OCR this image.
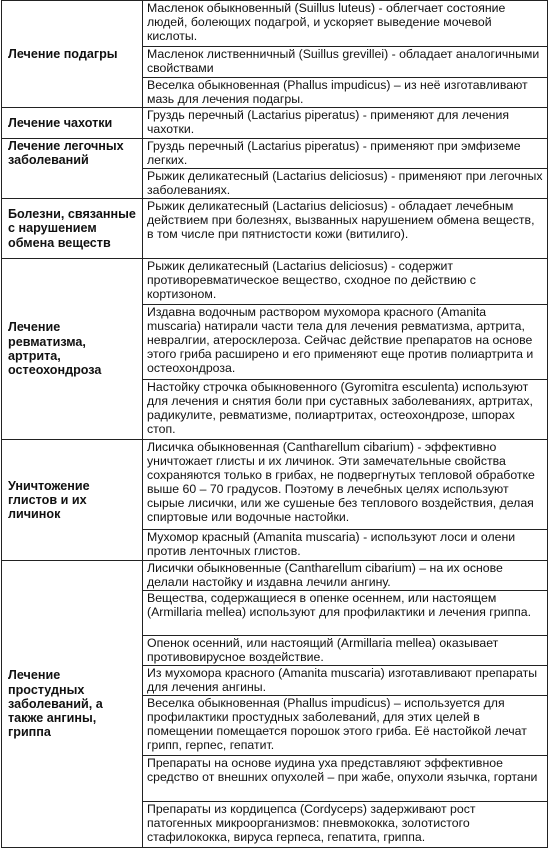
Лечение подагры	Масленок обыкновенный (Suillus luteus) - облегчает состояние людей, болеющих подагрой, и ускоряет выведение мочевой кислоты.
	Масленок лиственничный (Suillus grevillei) - обладает аналогичными свойствами
	Веселка обыкновенная (Phallus impudicus) – из неё изготавливают мазь для лечения подагры.
Лечение чахотки	Груздь перечный (Lactarius piperatus) - применяют для лечения чахотки.
Лечение легочных заболеваний	Груздь перечный (Lactarius piperatus) - применяют при эмфиземе легких.
	Рыжик деликатесный (Lactarius deliciosus) - применяют при легочных заболеваниях.
Болезни, связанные с нарушением обмена веществ	Рыжик деликатесный (Lactarius deliciosus) - обладает лечебным действием при болезнях, вызванных нарушением обмена веществ, в том числе при пятнистости кожи (витилиго).
Лечение ревматизма, артрита, остеохондроза	Рыжик деликатесный (Lactarius deliciosus) - содержит противоревматическое вещество, сходное по действию с кортизоном.
	Издавна водочным раствором мухомора красного (Amanita muscaria) натирали части тела для лечения ревматизма, артрита, невралгии, атеросклероза. Сейчас действие препаратов на основе этого гриба расширено и его применяют еще против полиартрита и остеохондроза.
	Настойку строчка обыкновенного (Gyromitra esculenta) используют для лечения и снятия боли при суставных заболеваниях, артритах, радикулите, ревматизме, полиартритах, остеохондрозе, шпорах стоп.
Уничтожение глистов и их личинок	Лисичка обыкновенная (Cantharellum cibarium) - эффективно уничтожает глисты и их личинок. Эти замечательные свойства сохраняются только в грибах, не подвергнутых тепловой обработке выше 60 – 70 градусов. Поэтому в лечебных целях используют сырые лисички, или же сушеные без теплового воздействия, делая спиртовые или водочные настойки.
	Мухомор красный (Amanita muscaria) - используют лоси и олени против ленточных глистов.
Лечение простудных заболеваний, а также ангины, гриппа	Лисички обыкновенные (Cantharellum cibarium) – на их основе делали настойку и издавна лечили ангину.
	Вещества, содержащиеся в опенке осеннем, или настоящем (Armillaria mellea) используют для профилактики и лечения гриппа.
	Опенок осенний, или настоящий (Armillaria mellea) оказывает противовирусное воздействие.
	Из мухомора красного (Amanita muscaria) изготавливают препараты для лечения ангины.
	Веселка обыкновенная (Phallus impudicus) – используется для профилактики простудных заболеваний, для этих целей в помещении помещается порошок этого гриба. Её настойкой лечат грипп, герпес, гепатит.
	Препараты на основе иудина уха представляют эффективное средство от внешних опухолей – при жабе, опухоли язычка, гортани
	Препараты из кордицепса (Cordyceps) задерживают рост патогенных микроорганизмов: пневмококка, золотистого стафилококка, вируса герпеса, гепатита, гриппа.
